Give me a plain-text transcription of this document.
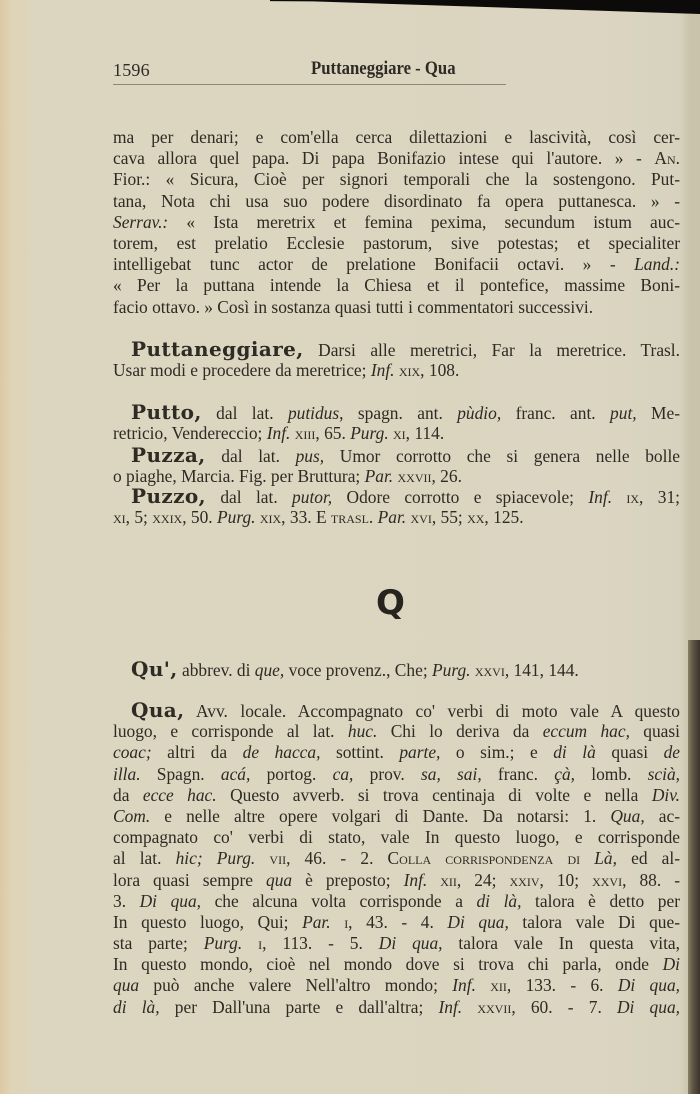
1596	Puttaneggiare - Qua
ma per denari; e com'ella cerca dilettazioni e lascività, così cer-
cava allora quel papa. Di papa Bonifazio intese qui l'autore. » - An.
Fior.: « Sicura, Cioè per signori temporali che la sostengono. Put-
tana, Nota chi usa suo podere disordinato fa opera puttanesca. » -
Serrav.: « Ista meretrix et femina pexima, secundum istum auc-
torem, est prelatio Ecclesie pastorum, sive potestas; et specialiter
intelligebat tunc actor de prelatione Bonifacii octavi. » - Land.:
« Per la puttana intende la Chiesa et il pontefice, massime Boni-
facio ottavo. » Così in sostanza quasi tutti i commentatori successivi.
Puttaneggiare, Darsi alle meretrici, Far la meretrice. Trasl.
Usar modi e procedere da meretrice; Inf. xix, 108.
Putto, dal lat. putidus, spagn. ant. pùdio, franc. ant. put, Me-
retricio, Vendereccio; Inf. xiii, 65. Purg. xi, 114.
Puzza, dal lat. pus, Umor corrotto che si genera nelle bolle
o piaghe, Marcia. Fig. per Bruttura; Par. xxvii, 26.
Puzzo, dal lat. putor, Odore corrotto e spiacevole; Inf. ix, 31;
xi, 5; xxix, 50. Purg. xix, 33. E trasl. Par. xvi, 55; xx, 125.
Q
Qu', abbrev. di que, voce provenz., Che; Purg. xxvi, 141, 144.
Qua, Avv. locale. Accompagnato co' verbi di moto vale A questo
luogo, e corrisponde al lat. huc. Chi lo deriva da eccum hac, quasi
coac; altri da de hacca, sottint. parte, o sim.; e di là quasi de
illa. Spagn. acá, portog. ca, prov. sa, sai, franc. çà, lomb. scià,
da ecce hac. Questo avverb. si trova centinaja di volte e nella Div.
Com. e nelle altre opere volgari di Dante. Da notarsi: 1. Qua, ac-
compagnato co' verbi di stato, vale In questo luogo, e corrisponde
al lat. hic; Purg. vii, 46. - 2. Colla corrispondenza di Là, ed al-
lora quasi sempre qua è preposto; Inf. xii, 24; xxiv, 10; xxvi, 88. -
3. Di qua, che alcuna volta corrisponde a di là, talora è detto per
In questo luogo, Qui; Par. i, 43. - 4. Di qua, talora vale Di que-
sta parte; Purg. i, 113. - 5. Di qua, talora vale In questa vita,
In questo mondo, cioè nel mondo dove si trova chi parla, onde Di
qua può anche valere Nell'altro mondo; Inf. xii, 133. - 6. Di qua,
di là, per Dall'una parte e dall'altra; Inf. xxvii, 60. - 7. Di qua,
